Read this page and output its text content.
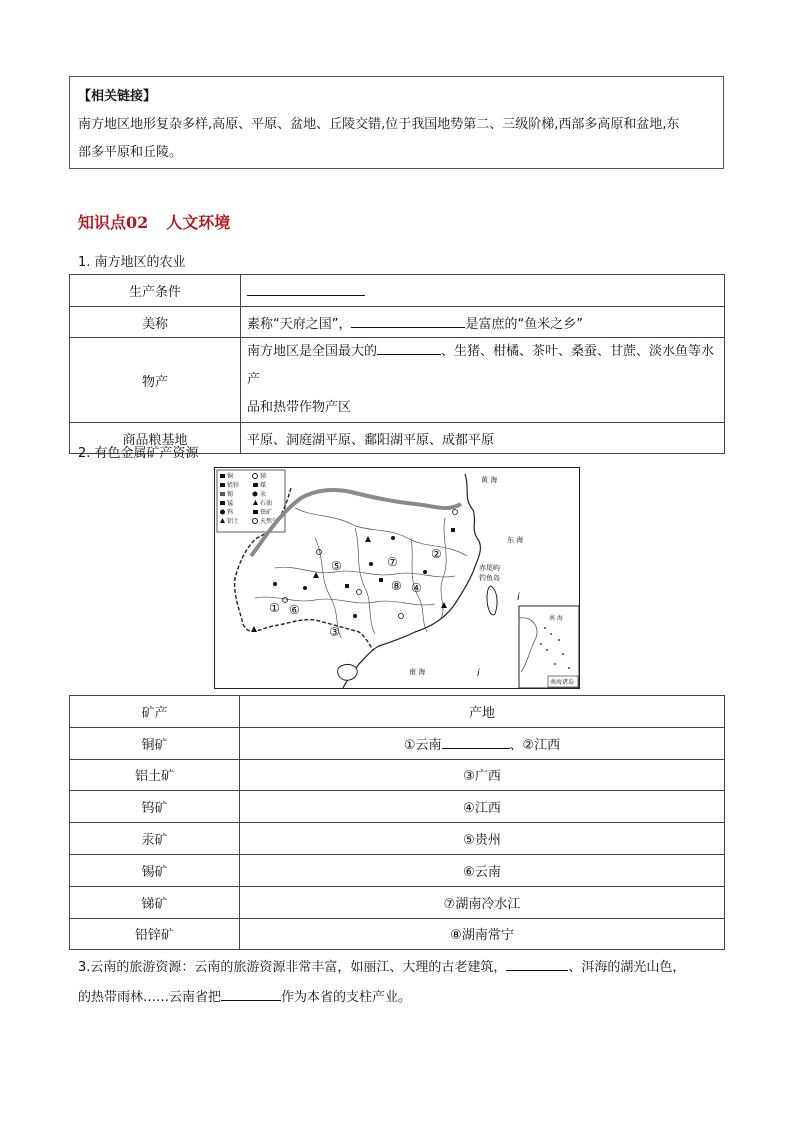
【相关链接】
南方地区地形复杂多样,高原、平原、盆地、丘陵交错,位于我国地势第二、三级阶梯,西部多高原和盆地,东
部多平原和丘陵。
知识点02 人文环境
1. 南方地区的农业
生产条件	
美称	素称“天府之国”， 是富庶的“鱼米之乡”
物产	南方地区是全国最大的 、生猪、柑橘、茶叶、桑蚕、甘蔗、淡水鱼等水产
品和热带作物产区
商品粮基地	平原、洞庭湖平原、鄱阳湖平原、成都平原
2. 有色金属矿产资源
铜	锑
铅锌	煤
锡	汞
锰	石油
钨	铁矿
铝土	天然气
黄 海
东 海
南 海
赤尾屿
钓鱼岛
i
i
①
②
③
④
⑤
⑥
⑦
⑧
南 海
南海诸岛
矿产	产地
铜矿	①云南 、②江西
铝土矿	③广西
钨矿	④江西
汞矿	⑤贵州
锡矿	⑥云南
锑矿	⑦湖南冷水江
铅锌矿	⑧湖南常宁
3.云南的旅游资源：云南的旅游资源非常丰富，如丽江、大理的古老建筑，	、洱海的湖光山色，
的热带雨林……云南省把	作为本省的支柱产业。
